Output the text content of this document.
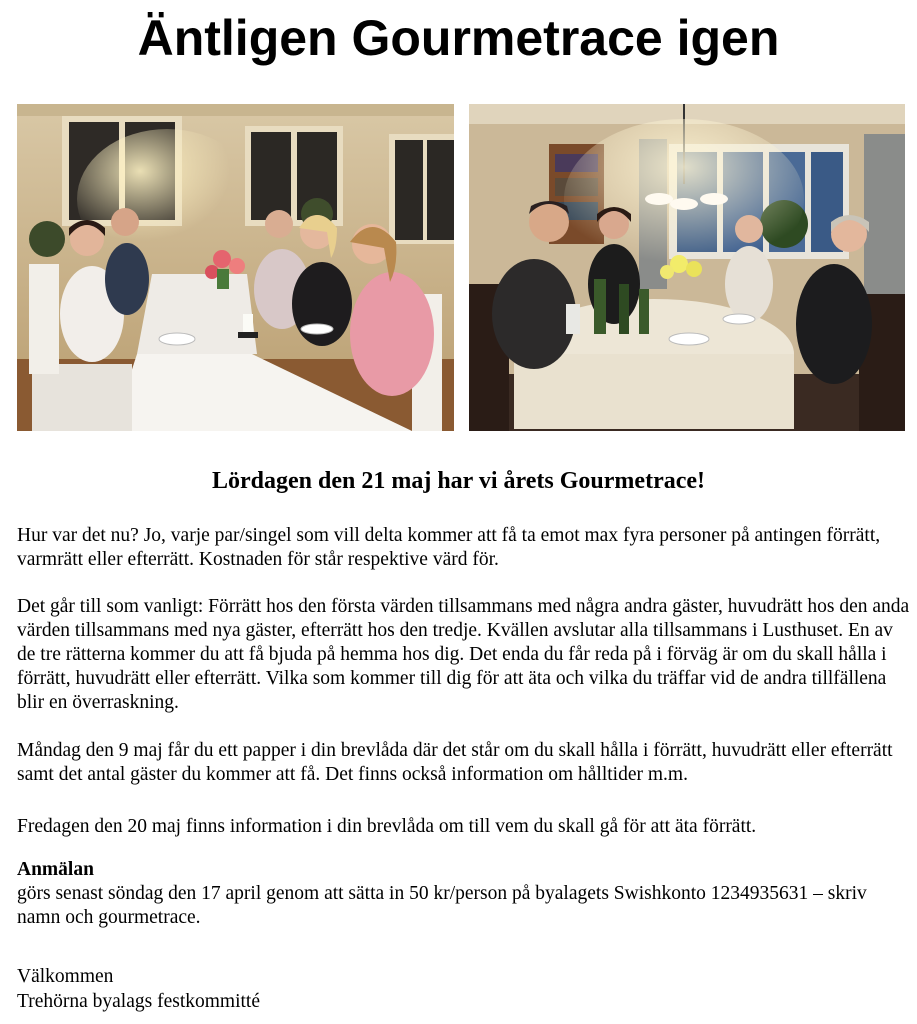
Äntligen Gourmetrace igen
Lördagen den 21 maj har vi årets Gourmetrace!

Hur var det nu? Jo, varje par/singel som vill delta kommer att få ta emot max fyra personer på antingen förrätt, varmrätt eller efterrätt. Kostnaden för står respektive värd för.

Det går till som vanligt: Förrätt hos den första värden tillsammans med några andra gäster, huvudrätt hos den anda värden tillsammans med nya gäster, efterrätt hos den tredje. Kvällen avslutar alla tillsammans i Lusthuset. En av de tre rätterna kommer du att få bjuda på hemma hos dig. Det enda du får reda på i förväg är om du skall hålla i förrätt, huvudrätt eller efterrätt. Vilka som kommer till dig för att äta och vilka du träffar vid de andra tillfällena blir en överraskning.

Måndag den 9 maj får du ett papper i din brevlåda där det står om du skall hålla i förrätt, huvudrätt eller efterrätt samt det antal gäster du kommer att få. Det finns också information om hålltider m.m.

Fredagen den 20 maj finns information i din brevlåda om till vem du skall gå för att äta förrätt.

Anmälan

görs senast söndag den 17 april genom att sätta in 50 kr/person på byalagets Swishkonto 1234935631 – skriv namn och gourmetrace.

Välkommen

Trehörna byalags festkommitté
